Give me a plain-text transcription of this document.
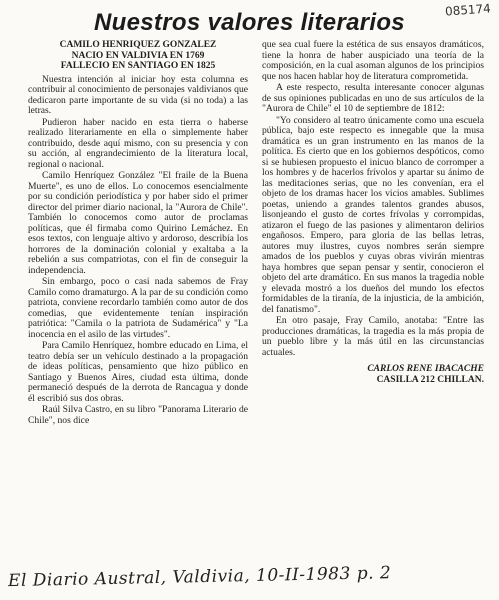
085174
Nuestros valores literarios
CAMILO HENRIQUEZ GONZALEZ
NACIO EN VALDIVIA EN 1769
FALLECIO EN SANTIAGO EN 1825

Nuestra intención al iniciar hoy esta columna es contribuir al conocimiento de personajes valdivianos que dedicaron parte importante de su vida (si no toda) a las letras.

Pudieron haber nacido en esta tierra o haberse realizado literariamente en ella o simplemente haber contribuido, desde aquí mismo, con su presencia y con su acción, al engrandecimiento de la literatura local, regional o nacional.

Camilo Henríquez González "El fraile de la Buena Muerte", es uno de ellos. Lo conocemos esencialmente por su condición periodística y por haber sido el primer director del primer diario nacional, la "Aurora de Chile". También lo conocemos como autor de proclamas políticas, que él firmaba como Quirino Lemáchez. En esos textos, con lenguaje altivo y ardoroso, describía los horrores de la dominación colonial y exaltaba a la rebelión a sus compatriotas, con el fin de conseguir la independencia.

Sin embargo, poco o casi nada sabemos de Fray Camilo como dramaturgo. A la par de su condición como patriota, conviene recordarlo también como autor de dos comedias, que evidentemente tenían inspiración patriótica: "Camila o la patriota de Sudamérica" y "La inocencia en el asilo de las virtudes".

Para Camilo Henríquez, hombre educado en Lima, el teatro debía ser un vehículo destinado a la propagación de ideas políticas, pensamiento que hizo público en Santiago y Buenos Aires, ciudad esta última, donde permaneció después de la derrota de Rancagua y donde él escribió sus dos obras.

Raúl Silva Castro, en su libro "Panorama Literario de Chile", nos dice

que sea cual fuere la estética de sus ensayos dramáticos, tiene la honra de haber auspiciado una teoría de la composición, en la cual asoman algunos de los principios que nos hacen hablar hoy de literatura comprometida.

A este respecto, resulta interesante conocer algunas de sus opiniones publicadas en uno de sus artículos de la "Aurora de Chile" el 10 de septiembre de 1812:

"Yo considero al teatro únicamente como una escuela pública, bajo este respecto es innegable que la musa dramática es un gran instrumento en las manos de la política. Es cierto que en los gobiernos despóticos, como si se hubiesen propuesto el inicuo blanco de corromper a los hombres y de hacerlos frívolos y apartar su ánimo de las meditaciones serias, que no les convenían, era el objeto de los dramas hacer los vicios amables. Sublimes poetas, uniendo a grandes talentos grandes abusos, lisonjeando el gusto de cortes frívolas y corrompidas, atizaron el fuego de las pasiones y alimentaron delirios engañosos. Empero, para gloria de las bellas letras, autores muy ilustres, cuyos nombres serán siempre amados de los pueblos y cuyas obras vivirán mientras haya hombres que sepan pensar y sentir, conocieron el objeto del arte dramático. En sus manos la tragedia noble y elevada mostró a los dueños del mundo los efectos formidables de la tiranía, de la injusticia, de la ambición, del fanatismo".

En otro pasaje, Fray Camilo, anotaba: "Entre las producciones dramáticas, la tragedia es la más propia de un pueblo libre y la más útil en las circunstancias actuales.

CARLOS RENE IBACACHE
CASILLA 212 CHILLAN.
El Diario Austral, Valdivia, 10-II-1983 p. 2
